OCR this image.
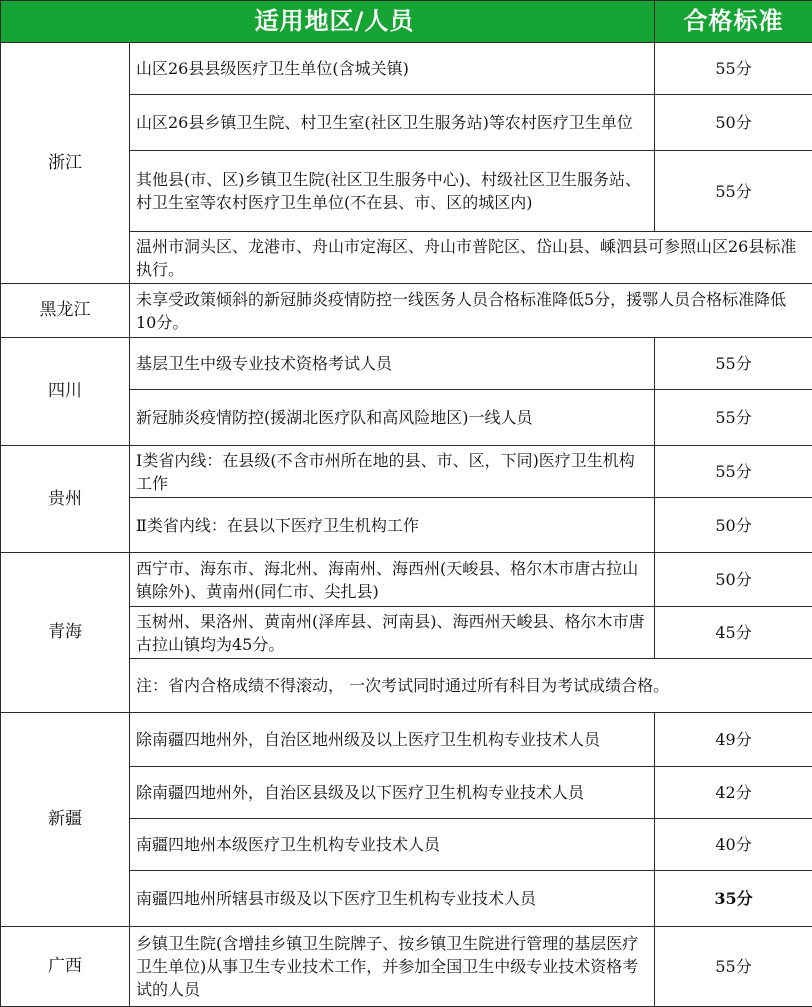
适用地区/人员		合格标准
浙江	山区26县县级医疗卫生单位(含城关镇)	55分
	山区26县乡镇卫生院、村卫生室(社区卫生服务站)等农村医疗卫生单位	50分
	其他县(市、区)乡镇卫生院(社区卫生服务中心)、村级社区卫生服务站、村卫生室等农村医疗卫生单位(不在县、市、区的城区内)	55分
	温州市洞头区、龙港市、舟山市定海区、舟山市普陀区、岱山县、嵊泗县可参照山区26县标准执行。	
黑龙江	未享受政策倾斜的新冠肺炎疫情防控一线医务人员合格标准降低5分，援鄂人员合格标准降低10分。	
四川	基层卫生中级专业技术资格考试人员	55分
	新冠肺炎疫情防控(援湖北医疗队和高风险地区)一线人员	55分
贵州	I类省内线：在县级(不含市州所在地的县、市、区，下同)医疗卫生机构工作	55分
	Ⅱ类省内线：在县以下医疗卫生机构工作	50分
青海	西宁市、海东市、海北州、海南州、海西州(天峻县、格尔木市唐古拉山镇除外)、黄南州(同仁市、尖扎县)	50分
	玉树州、果洛州、黄南州(泽库县、河南县)、海西州天峻县、格尔木市唐古拉山镇均为45分。	45分
	注：省内合格成绩不得滚动， 一次考试同时通过所有科目为考试成绩合格。	
新疆	除南疆四地州外，自治区地州级及以上医疗卫生机构专业技术人员	49分
	除南疆四地州外，自治区县级及以下医疗卫生机构专业技术人员	42分
	南疆四地州本级医疗卫生机构专业技术人员	40分
	南疆四地州所辖县市级及以下医疗卫生机构专业技术人员	35分
广西	乡镇卫生院(含增挂乡镇卫生院牌子、按乡镇卫生院进行管理的基层医疗卫生单位)从事卫生专业技术工作，并参加全国卫生中级专业技术资格考试的人员	55分
